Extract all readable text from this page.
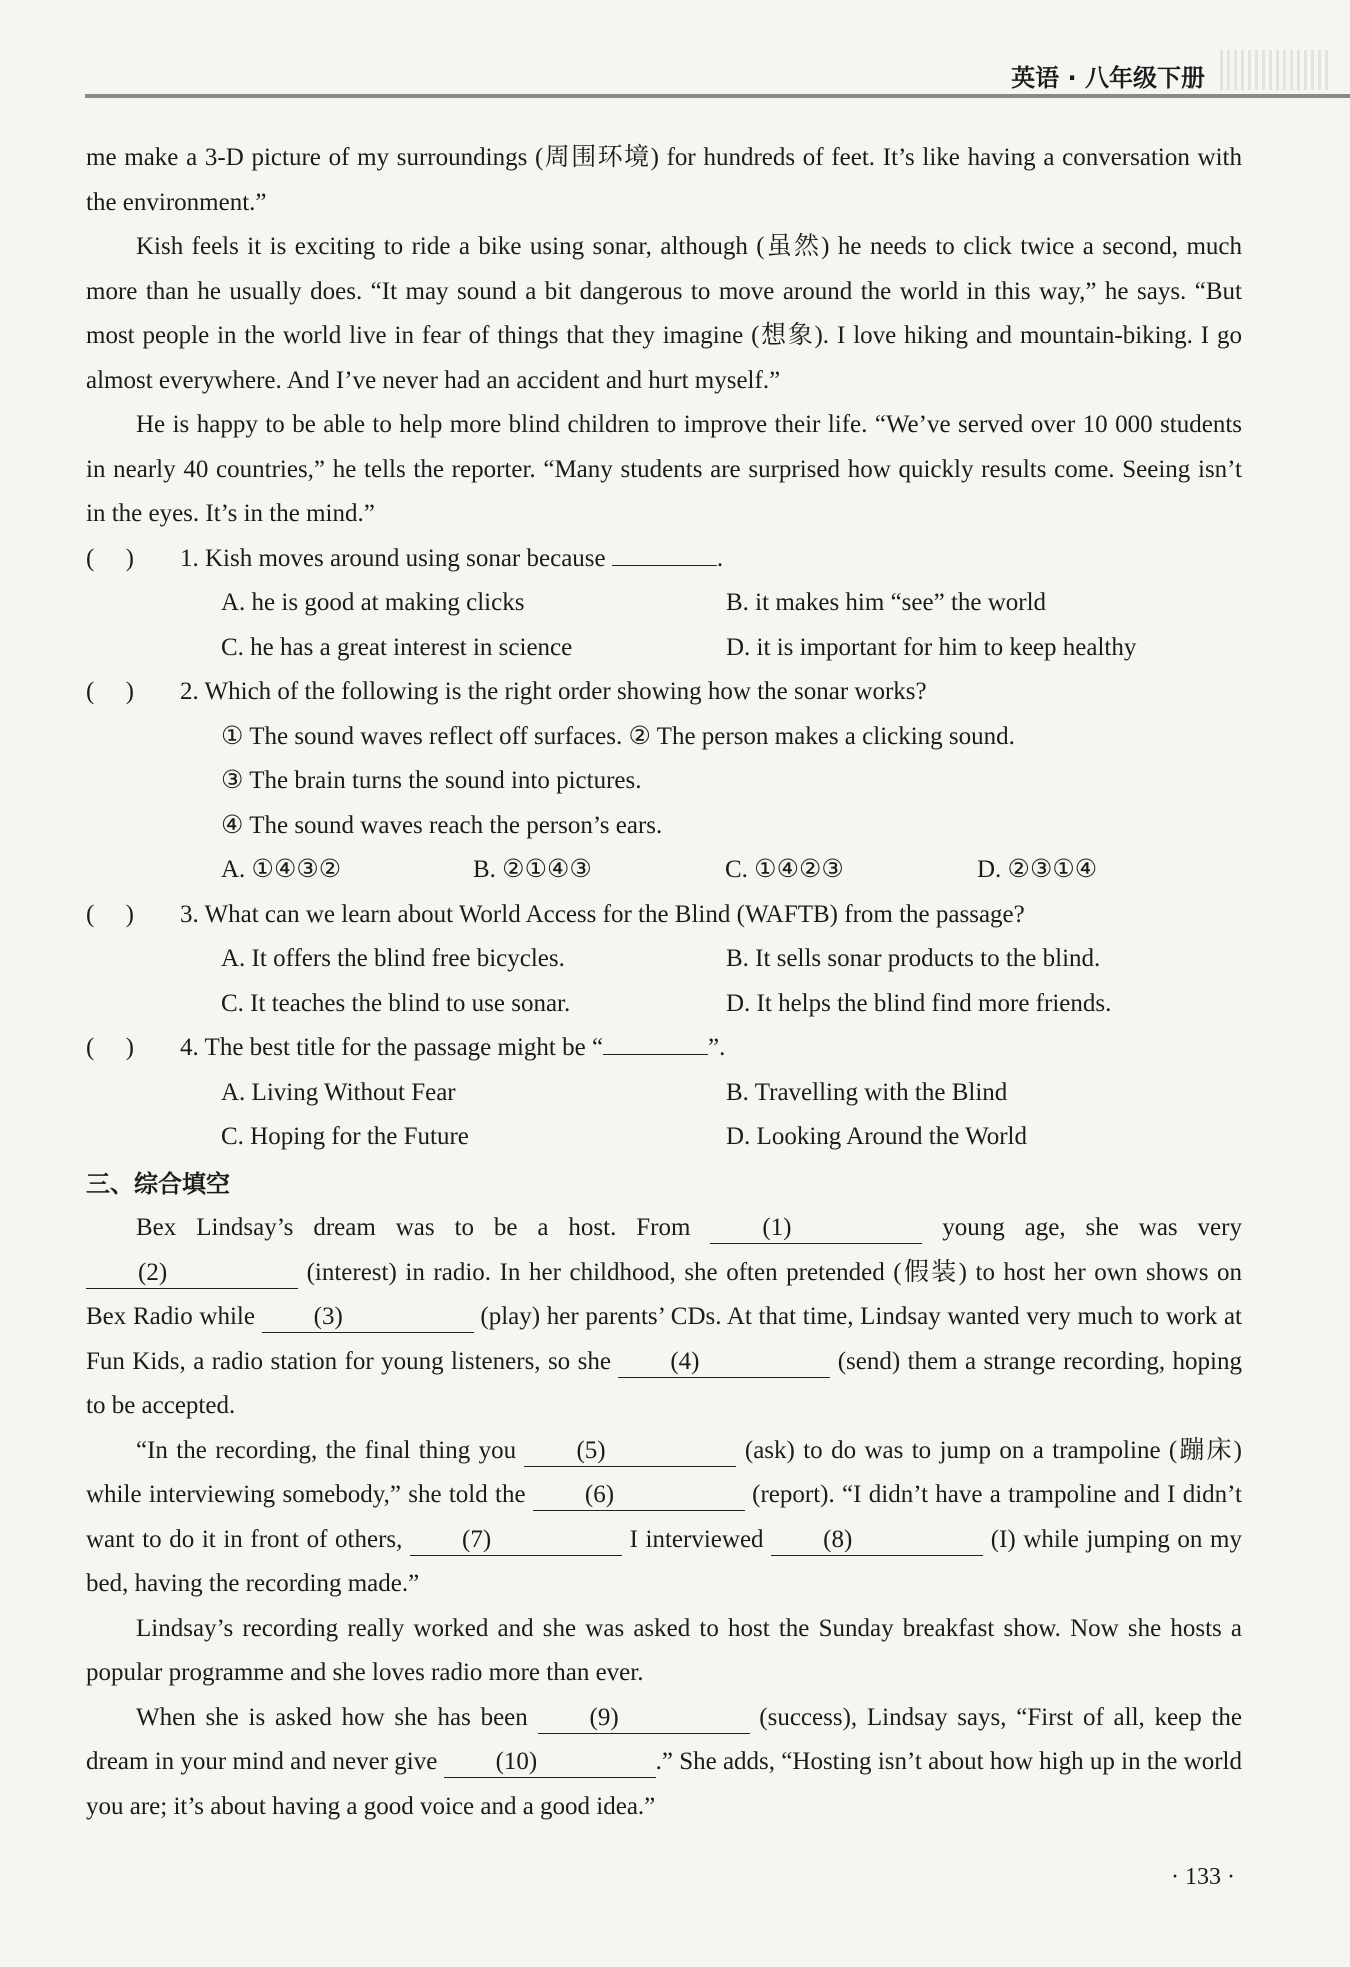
英语 · 八年级下册

me make a 3-D picture of my surroundings (周围环境) for hundreds of feet. It’s like having a conversation with the environment.”

Kish feels it is exciting to ride a bike using sonar, although (虽然) he needs to click twice a second, much more than he usually does. “It may sound a bit dangerous to move around the world in this way,” he says. “But most people in the world live in fear of things that they imagine (想象). I love hiking and mountain-biking. I go almost everywhere. And I’ve never had an accident and hurt myself.”

He is happy to be able to help more blind children to improve their life. “We’ve served over 10 000 students in nearly 40 countries,” he tells the reporter. “Many students are surprised how quickly results come. Seeing isn’t in the eyes. It’s in the mind.”

(     )	1. Kish moves around using sonar because	.
A. he is good at making clicks	B. it makes him “see” the world
C. he has a great interest in science	D. it is important for him to keep healthy
(     )	2. Which of the following is the right order showing how the sonar works?
① The sound waves reflect off surfaces. ② The person makes a clicking sound.
③ The brain turns the sound into pictures.
④ The sound waves reach the person’s ears.
A. ①④③②	B. ②①④③	C. ①④②③	D. ②③①④
(     )	3. What can we learn about World Access for the Blind (WAFTB) from the passage?
A. It offers the blind free bicycles.	B. It sells sonar products to the blind.
C. It teaches the blind to use sonar.	D. It helps the blind find more friends.
(     )	4. The best title for the passage might be “	”.
A. Living Without Fear	B. Travelling with the Blind
C. Hoping for the Future	D. Looking Around the World
三、综合填空

Bex Lindsay’s dream was to be a host. From (1)	young age, she was very (2)	(interest) in radio. In her childhood, she often pretended (假装) to host her own shows on Bex Radio while (3)	(play) her parents’ CDs. At that time, Lindsay wanted very much to work at Fun Kids, a radio station for young listeners, so she (4)	(send) them a strange recording, hoping to be accepted.

“In the recording, the final thing you (5)	(ask) to do was to jump on a trampoline (蹦床) while interviewing somebody,” she told the (6)	(report). “I didn’t have a trampoline and I didn’t want to do it in front of others, (7)	I interviewed (8)	(I) while jumping on my bed, having the recording made.”

Lindsay’s recording really worked and she was asked to host the Sunday breakfast show. Now she hosts a popular programme and she loves radio more than ever.

When she is asked how she has been (9)	(success), Lindsay says, “First of all, keep the dream in your mind and never give (10)	.” She adds, “Hosting isn’t about how high up in the world you are; it’s about having a good voice and a good idea.”

· 133 ·
